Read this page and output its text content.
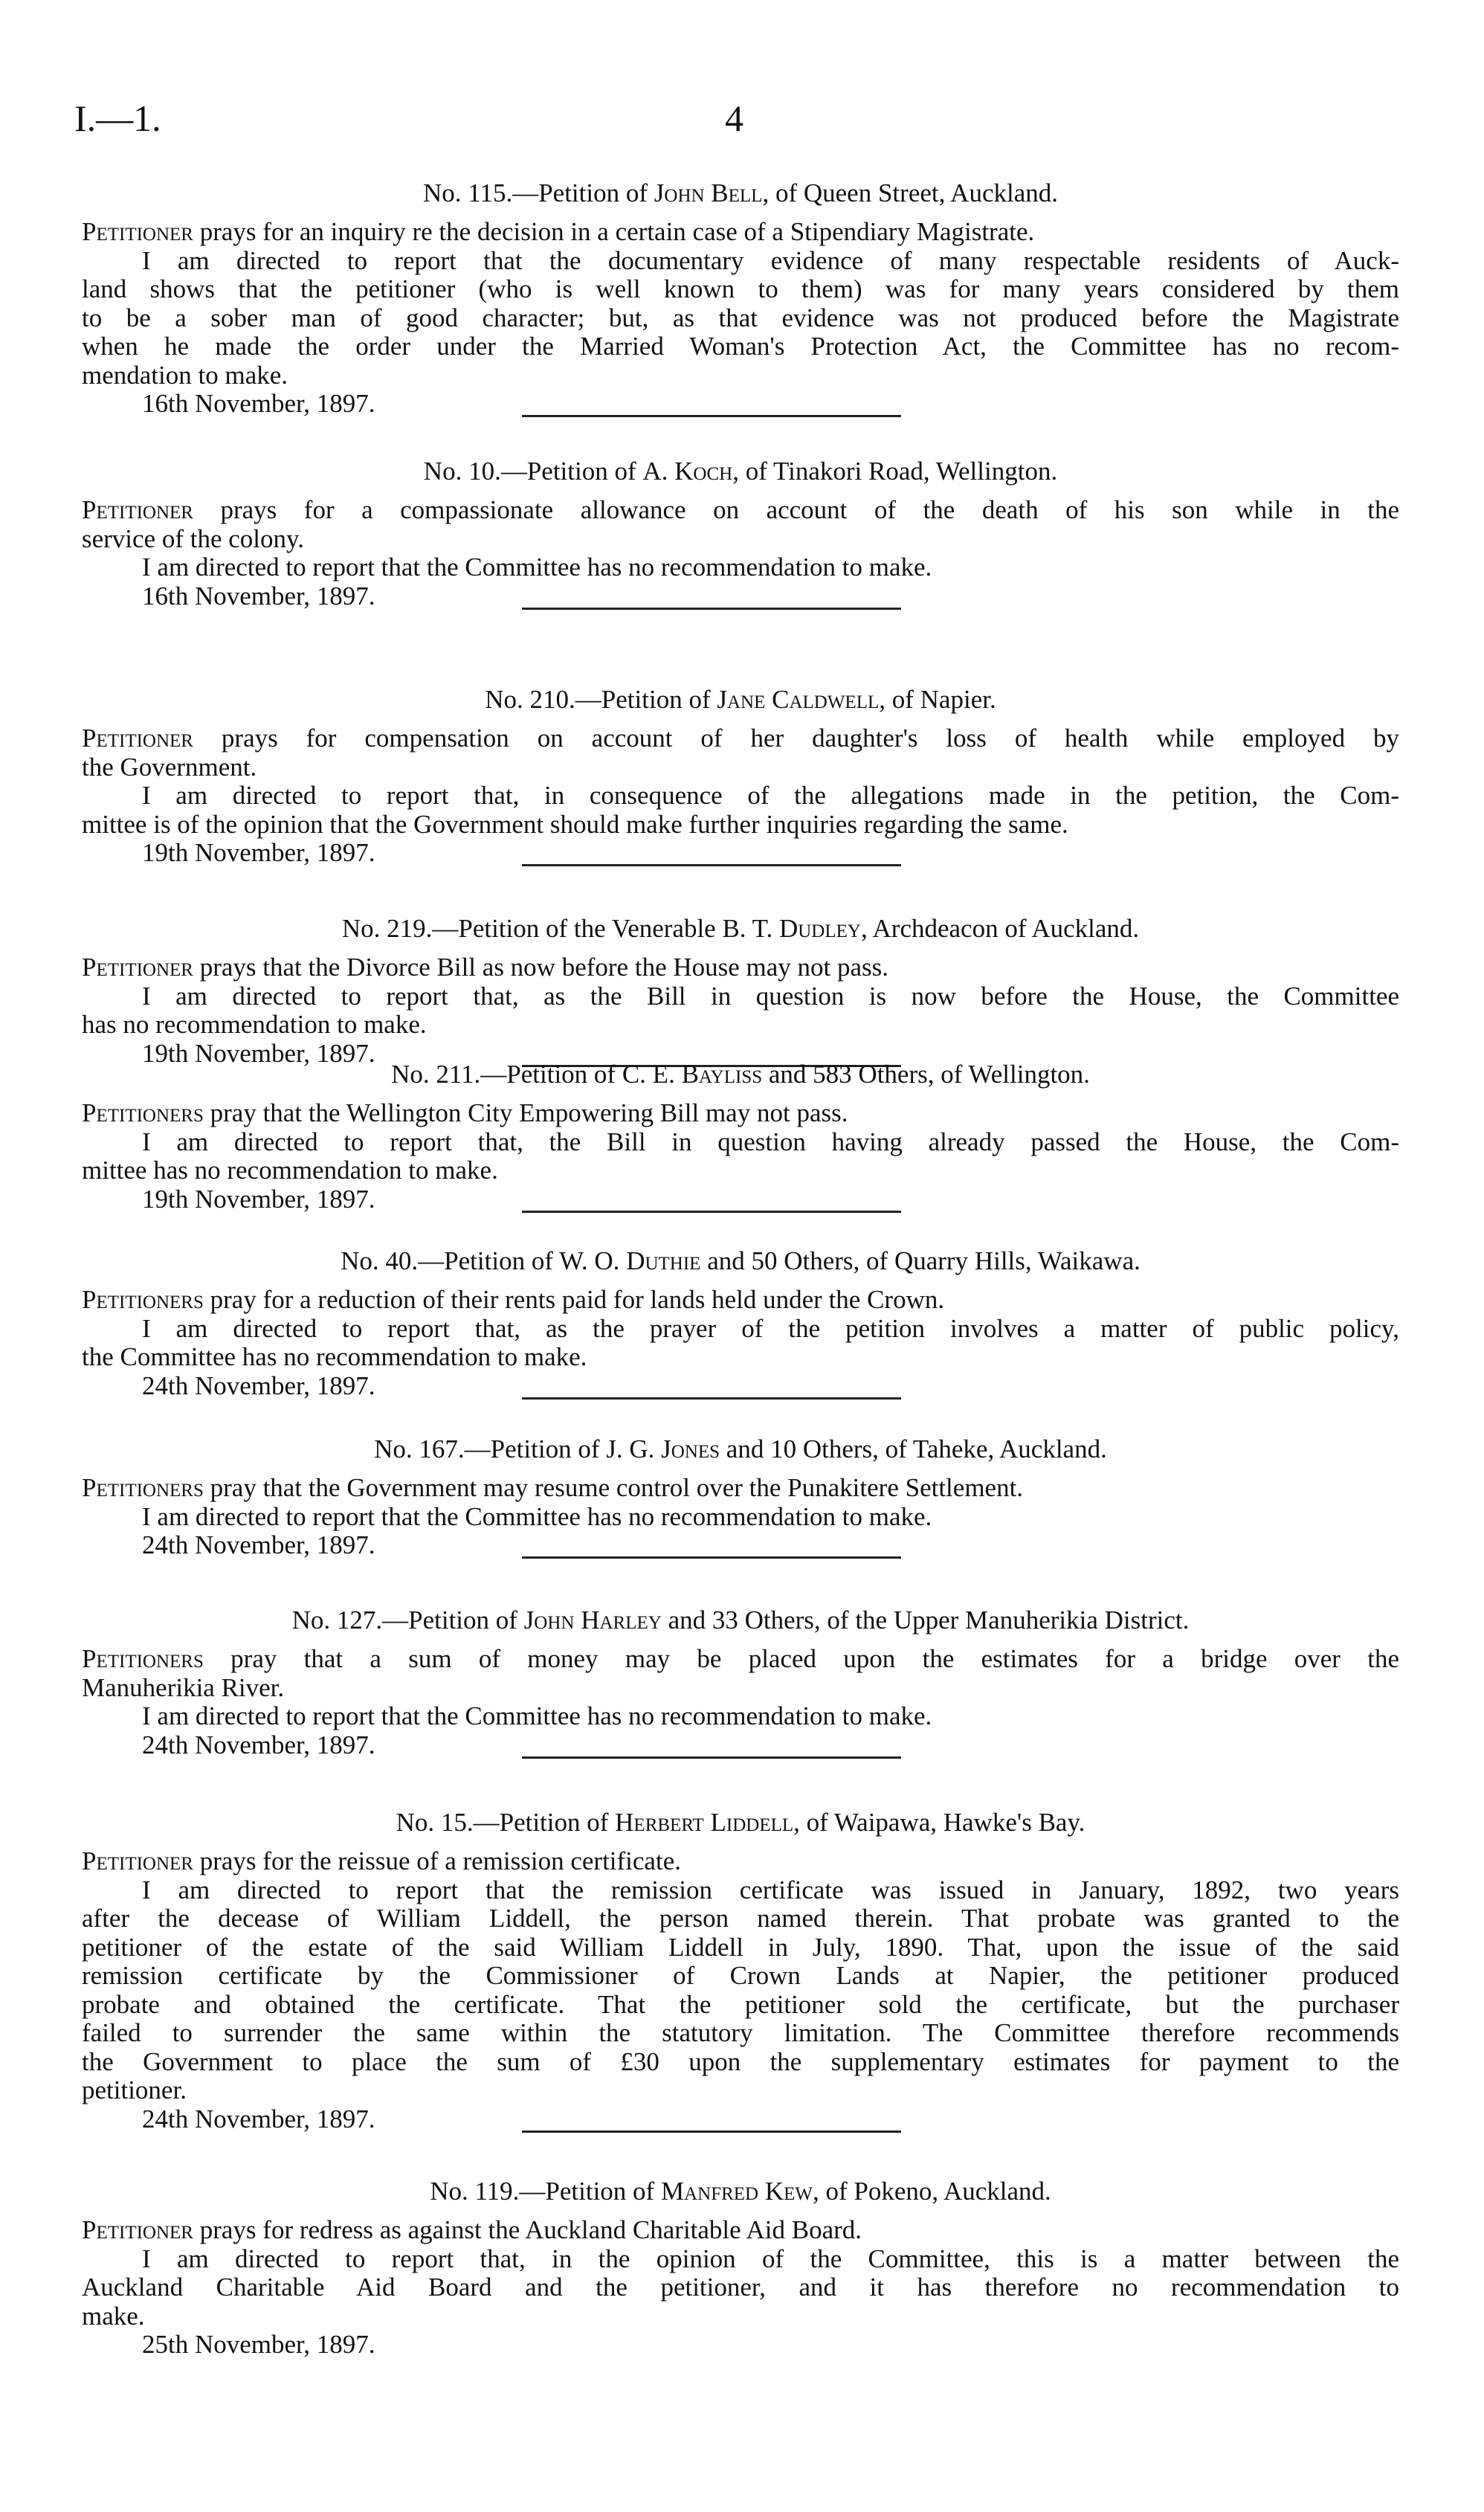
I.—1.	4
No. 115.—Petition of John Bell, of Queen Street, Auckland.
Petitioner prays for an inquiry re the decision in a certain case of a Stipendiary Magistrate.
I am directed to report that the documentary evidence of many respectable residents of Auck-
land shows that the petitioner (who is well known to them) was for many years considered by them
to be a sober man of good character; but, as that evidence was not produced before the Magistrate
when he made the order under the Married Woman's Protection Act, the Committee has no recom-
mendation to make.
16th November, 1897.
No. 10.—Petition of A. Koch, of Tinakori Road, Wellington.
Petitioner prays for a compassionate allowance on account of the death of his son while in the
service of the colony.
I am directed to report that the Committee has no recommendation to make.
16th November, 1897.
No. 210.—Petition of Jane Caldwell, of Napier.
Petitioner prays for compensation on account of her daughter's loss of health while employed by
the Government.
I am directed to report that, in consequence of the allegations made in the petition, the Com-
mittee is of the opinion that the Government should make further inquiries regarding the same.
19th November, 1897.
No. 219.—Petition of the Venerable B. T. Dudley, Archdeacon of Auckland.
Petitioner prays that the Divorce Bill as now before the House may not pass.
I am directed to report that, as the Bill in question is now before the House, the Committee
has no recommendation to make.
19th November, 1897.
No. 211.—Petition of C. E. Bayliss and 583 Others, of Wellington.
Petitioners pray that the Wellington City Empowering Bill may not pass.
I am directed to report that, the Bill in question having already passed the House, the Com-
mittee has no recommendation to make.
19th November, 1897.
No. 40.—Petition of W. O. Duthie and 50 Others, of Quarry Hills, Waikawa.
Petitioners pray for a reduction of their rents paid for lands held under the Crown.
I am directed to report that, as the prayer of the petition involves a matter of public policy,
the Committee has no recommendation to make.
24th November, 1897.
No. 167.—Petition of J. G. Jones and 10 Others, of Taheke, Auckland.
Petitioners pray that the Government may resume control over the Punakitere Settlement.
I am directed to report that the Committee has no recommendation to make.
24th November, 1897.
No. 127.—Petition of John Harley and 33 Others, of the Upper Manuherikia District.
Petitioners pray that a sum of money may be placed upon the estimates for a bridge over the
Manuherikia River.
I am directed to report that the Committee has no recommendation to make.
24th November, 1897.
No. 15.—Petition of Herbert Liddell, of Waipawa, Hawke's Bay.
Petitioner prays for the reissue of a remission certificate.
I am directed to report that the remission certificate was issued in January, 1892, two years
after the decease of William Liddell, the person named therein. That probate was granted to the
petitioner of the estate of the said William Liddell in July, 1890. That, upon the issue of the said
remission certificate by the Commissioner of Crown Lands at Napier, the petitioner produced
probate and obtained the certificate. That the petitioner sold the certificate, but the purchaser
failed to surrender the same within the statutory limitation. The Committee therefore recommends
the Government to place the sum of £30 upon the supplementary estimates for payment to the
petitioner.
24th November, 1897.
No. 119.—Petition of Manfred Kew, of Pokeno, Auckland.
Petitioner prays for redress as against the Auckland Charitable Aid Board.
I am directed to report that, in the opinion of the Committee, this is a matter between the
Auckland Charitable Aid Board and the petitioner, and it has therefore no recommendation to
make.
25th November, 1897.
